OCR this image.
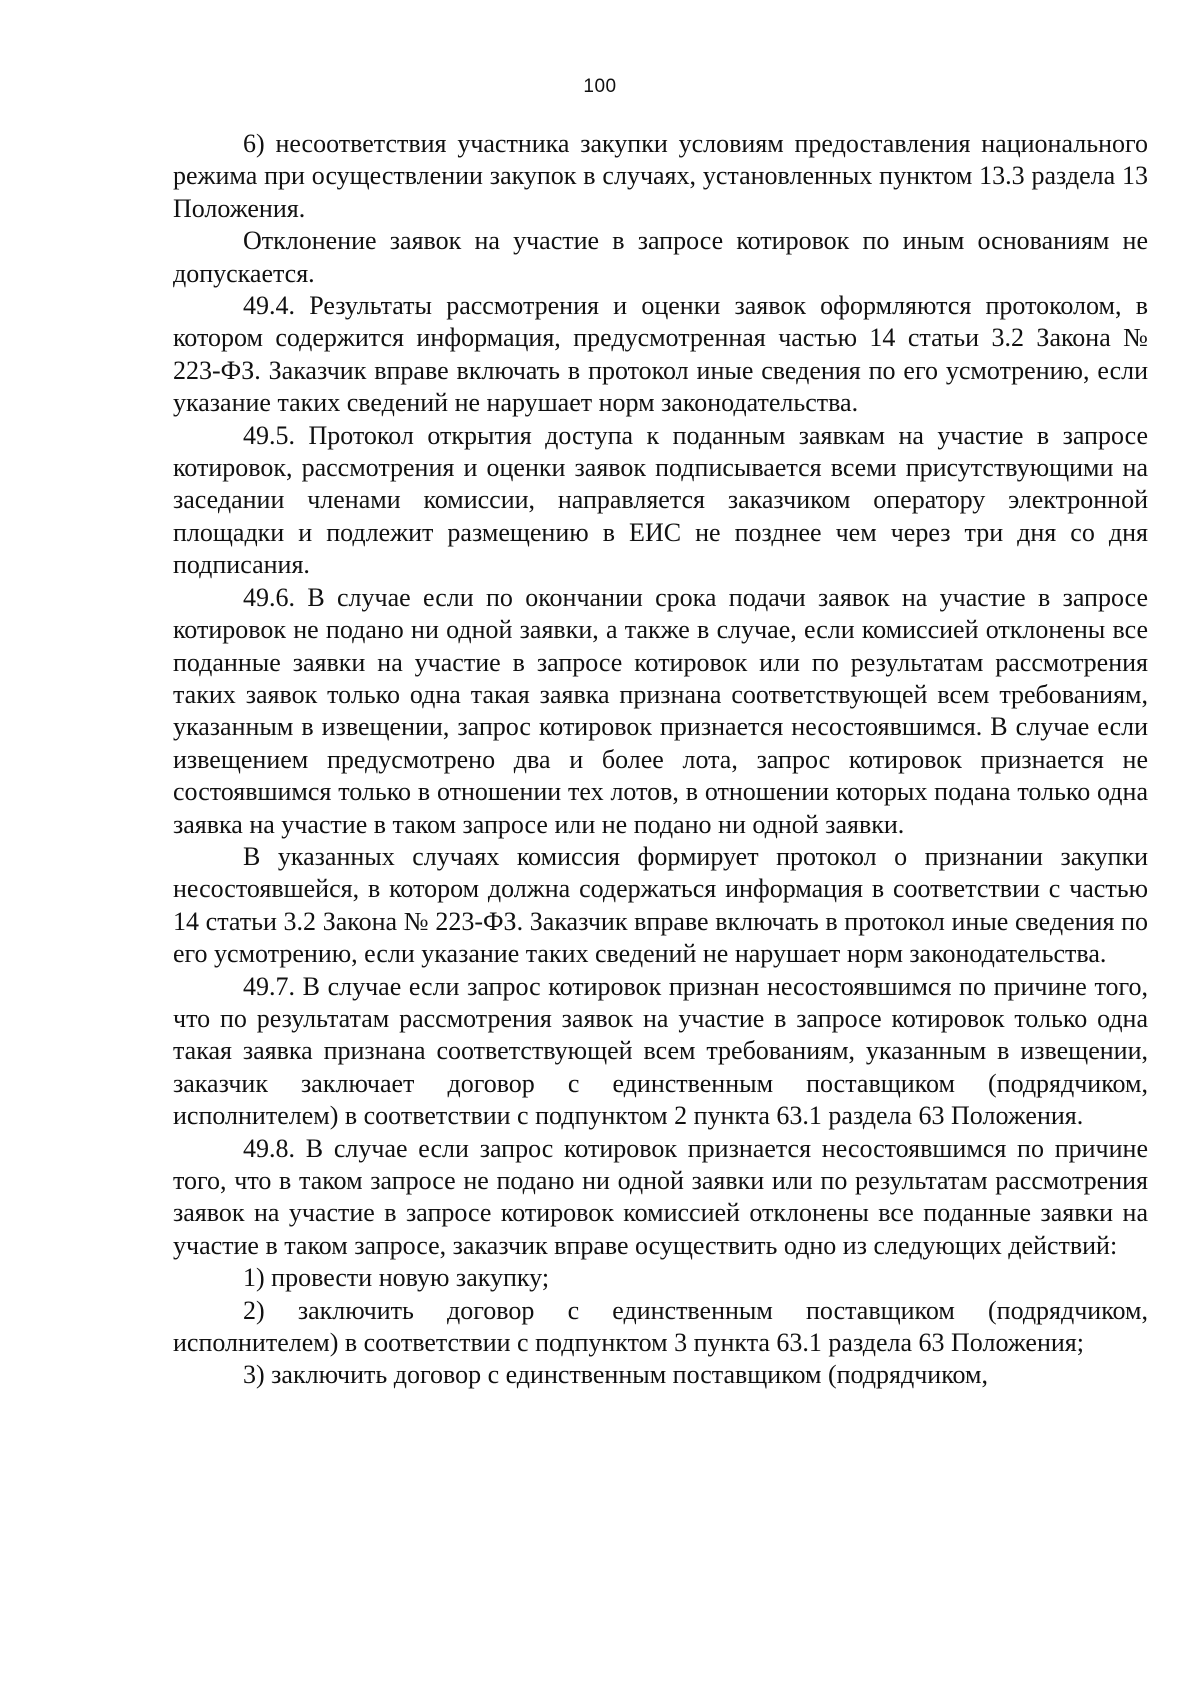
100

6) несоответствия участника закупки условиям предоставления национального режима при осуществлении закупок в случаях, установленных пунктом 13.3 раздела 13 Положения.

Отклонение заявок на участие в запросе котировок по иным основаниям не допускается.

49.4. Результаты рассмотрения и оценки заявок оформляются протоколом, в котором содержится информация, предусмотренная частью 14 статьи 3.2 Закона № 223-ФЗ. Заказчик вправе включать в протокол иные сведения по его усмотрению, если указание таких сведений не нарушает норм законодательства.

49.5. Протокол открытия доступа к поданным заявкам на участие в запросе котировок, рассмотрения и оценки заявок подписывается всеми присутствующими на заседании членами комиссии, направляется заказчиком оператору электронной площадки и подлежит размещению в ЕИС не позднее чем через три дня со дня подписания.

49.6. В случае если по окончании срока подачи заявок на участие в запросе котировок не подано ни одной заявки, а также в случае, если комиссией отклонены все поданные заявки на участие в запросе котировок или по результатам рассмотрения таких заявок только одна такая заявка признана соответствующей всем требованиям, указанным в извещении, запрос котировок признается несостоявшимся. В случае если извещением предусмотрено два и более лота, запрос котировок признается не состоявшимся только в отношении тех лотов, в отношении которых подана только одна заявка на участие в таком запросе или не подано ни одной заявки.

В указанных случаях комиссия формирует протокол о признании закупки несостоявшейся, в котором должна содержаться информация в соответствии с частью 14 статьи 3.2 Закона № 223-ФЗ. Заказчик вправе включать в протокол иные сведения по его усмотрению, если указание таких сведений не нарушает норм законодательства.

49.7. В случае если запрос котировок признан несостоявшимся по причине того, что по результатам рассмотрения заявок на участие в запросе котировок только одна такая заявка признана соответствующей всем требованиям, указанным в извещении, заказчик заключает договор с единственным поставщиком (подрядчиком, исполнителем) в соответствии с подпунктом 2 пункта 63.1 раздела 63 Положения.

49.8. В случае если запрос котировок признается несостоявшимся по причине того, что в таком запросе не подано ни одной заявки или по результатам рассмотрения заявок на участие в запросе котировок комиссией отклонены все поданные заявки на участие в таком запросе, заказчик вправе осуществить одно из следующих действий:

1) провести новую закупку;

2) заключить договор с единственным поставщиком (подрядчиком, исполнителем) в соответствии с подпунктом 3 пункта 63.1 раздела 63 Положения;

3) заключить договор с единственным поставщиком (подрядчиком,
